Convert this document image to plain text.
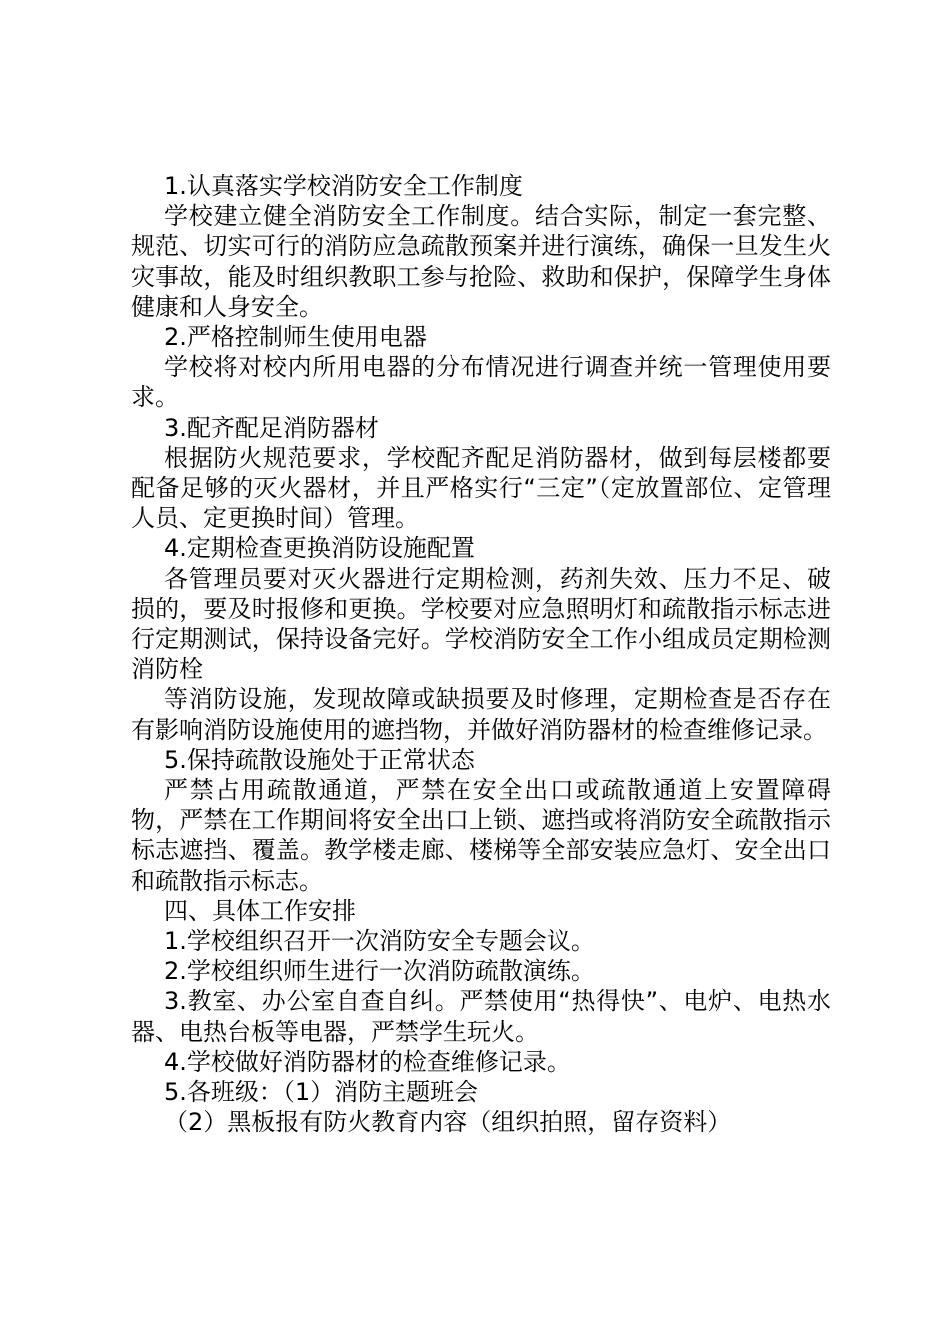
1.认真落实学校消防安全工作制度

学校建立健全消防安全工作制度。结合实际，制定一套完整、规范、切实可行的消防应急疏散预案并进行演练，确保一旦发生火灾事故，能及时组织教职工参与抢险、救助和保护，保障学生身体健康和人身安全。

2.严格控制师生使用电器

学校将对校内所用电器的分布情况进行调查并统一管理使用要求。

3.配齐配足消防器材

根据防火规范要求，学校配齐配足消防器材，做到每层楼都要配备足够的灭火器材，并且严格实行“三定”（定放置部位、定管理人员、定更换时间）管理。

4.定期检查更换消防设施配置

各管理员要对灭火器进行定期检测，药剂失效、压力不足、破损的，要及时报修和更换。学校要对应急照明灯和疏散指示标志进行定期测试，保持设备完好。学校消防安全工作小组成员定期检测消防栓

等消防设施，发现故障或缺损要及时修理，定期检查是否存在有影响消防设施使用的遮挡物，并做好消防器材的检查维修记录。

5.保持疏散设施处于正常状态

严禁占用疏散通道，严禁在安全出口或疏散通道上安置障碍物，严禁在工作期间将安全出口上锁、遮挡或将消防安全疏散指示标志遮挡、覆盖。教学楼走廊、楼梯等全部安装应急灯、安全出口和疏散指示标志。

四、具体工作安排

1.学校组织召开一次消防安全专题会议。

2.学校组织师生进行一次消防疏散演练。

3.教室、办公室自查自纠。严禁使用“热得快”、电炉、电热水器、电热台板等电器，严禁学生玩火。

4.学校做好消防器材的检查维修记录。

5.各班级：（1）消防主题班会

（2）黑板报有防火教育内容（组织拍照，留存资料）
